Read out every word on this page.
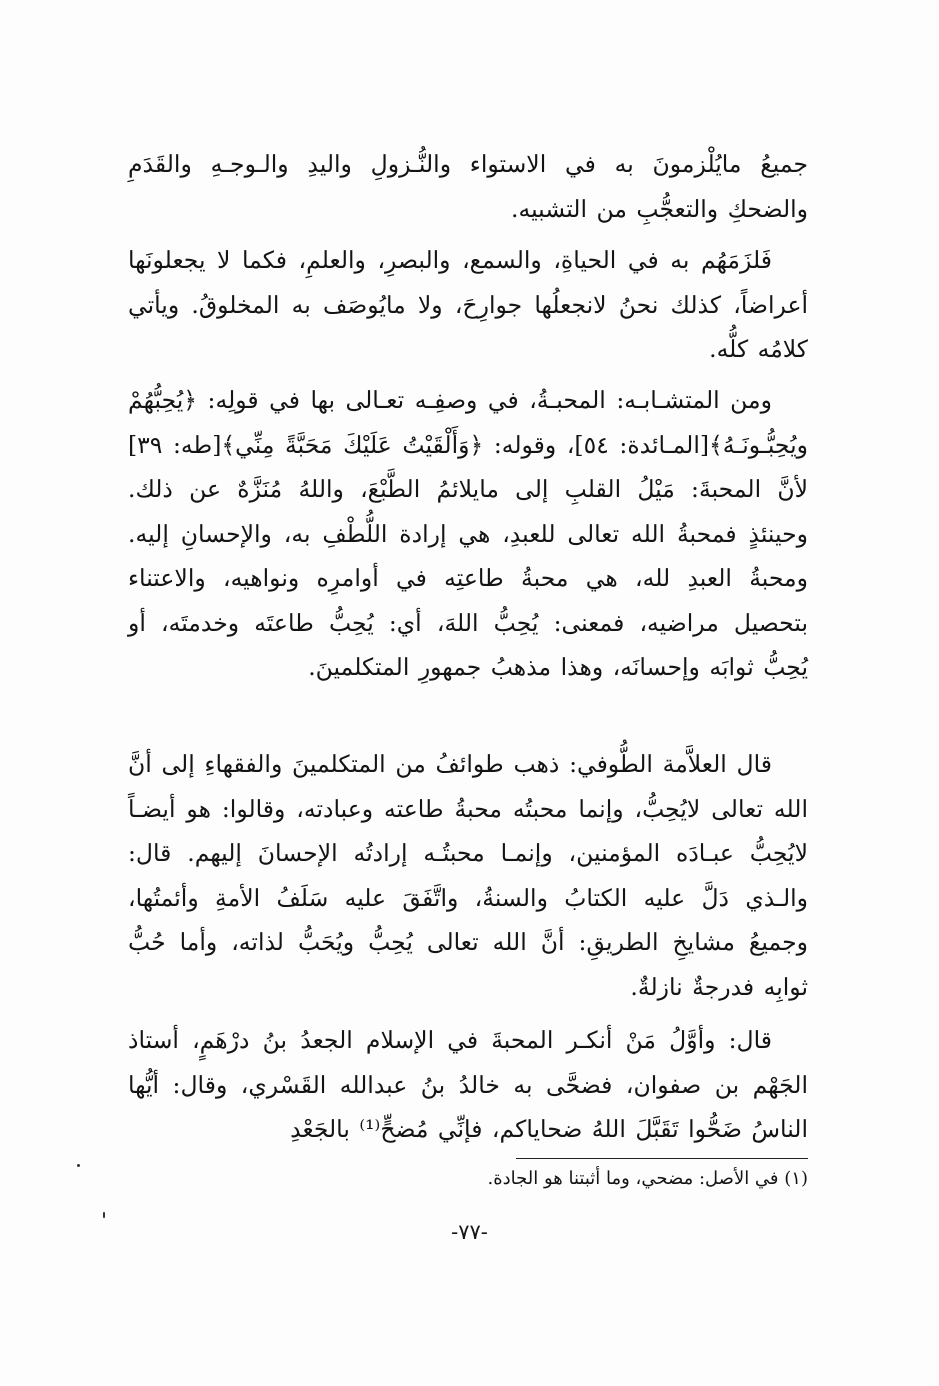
جميعُ مايُلْزمونَ به في الاستواء والنُّـزولِ واليدِ والـوجـهِ والقَدَمِ والضحكِ والتعجُّبِ من التشبيه.

فَلزَمَهُم به في الحياةِ، والسمع، والبصرِ، والعلمِ، فكما لا يجعلونَها أعراضاً، كذلك نحنُ لانجعلُها جوارِحَ، ولا مايُوصَف به المخلوقُ. ويأتي كلامُه كلُّه.

ومن المتشـابـه: المحبـةُ، في وصفِـه تعـالى بها في قولِه: ﴿يُحِبُّهُمْ ويُحِبُّـونَـهُ﴾[المـائدة: ٥٤]، وقوله: ﴿وَأَلْقَيْتُ عَلَيْكَ مَحَبَّةً مِنِّي﴾[طه: ٣٩] لأنَّ المحبةَ: مَيْلُ القلبِ إلى مايلائمُ الطَّبْعَ، واللهُ مُنَزَّهٌ عن ذلك. وحينئذٍ فمحبةُ الله تعالى للعبدِ، هي إرادة اللُّطْفِ به، والإحسانِ إليه. ومحبةُ العبدِ لله، هي محبةُ طاعتِه في أوامرِه ونواهيه، والاعتناء بتحصيل مراضيه، فمعنى: يُحِبُّ اللهَ، أي: يُحِبُّ طاعتَه وخدمتَه، أو يُحِبُّ ثوابَه وإحسانَه، وهذا مذهبُ جمهورِ المتكلمينَ.

قال العلاَّمة الطُّوفي: ذهب طوائفُ من المتكلمينَ والفقهاءِ إلى أنَّ الله تعالى لايُحِبُّ، وإنما محبتُه محبةُ طاعته وعبادته، وقالوا: هو أيضـاً لايُحِبُّ عبـادَه المؤمنين، وإنمـا محبتُـه إرادتُه الإحسانَ إليهم. قال: والـذي دَلَّ عليه الكتابُ والسنةُ، واتَّفَقَ عليه سَلَفُ الأمةِ وأئمتُها، وجميعُ مشايخِ الطريقِ: أنَّ الله تعالى يُحِبُّ ويُحَبُّ لذاته، وأما حُبُّ ثوابِه فدرجةٌ نازلةٌ.

قال: وأوَّلُ مَنْ أنكـر المحبةَ في الإسلام الجعدُ بنُ درْهَمٍ، أستاذ الجَهْم بن صفوان، فضحَّى به خالدُ بنُ عبدالله القَسْري، وقال: أيُّها الناسُ ضَحُّوا تَقَبَّلَ اللهُ ضحاياكم، فإنِّي مُضحٍّ⁽¹⁾ بالجَعْدِ

(١) في الأصل: مضحي، وما أثبتنا هو الجادة.
-٧٧-
